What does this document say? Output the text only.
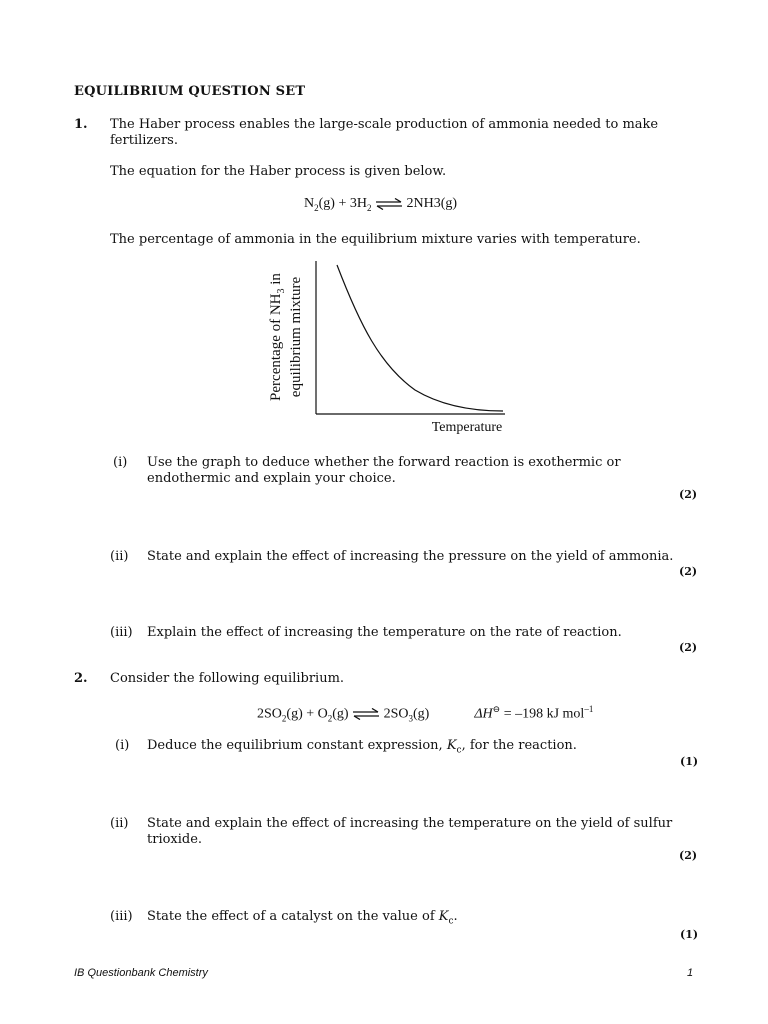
EQUILIBRIUM QUESTION SET
1. The Haber process enables the large-scale production of ammonia needed to make
fertilizers.
The equation for the Haber process is given below.
$N_2(g) + 3H_2$ ⇌ 2NH3(g)
The percentage of ammonia in the equilibrium mixture varies with temperature.
Percentage of $NH_3$ in equilibrium mixture
Temperature
(i) Use the graph to deduce whether the forward reaction is exothermic or
endothermic and explain your choice.
(2)
(ii) State and explain the effect of increasing the pressure on the yield of ammonia.
(2)
(iii) Explain the effect of increasing the temperature on the rate of reaction.
(2)
2. Consider the following equilibrium.
$2SO_2(g) + O_2(g)$ ⇌ $2SO_3(g)$	ΔH⊖ = –198 kJ mol$^{-1}$
(i) Deduce the equilibrium constant expression, $K_c$, for the reaction.
(1)
(ii) State and explain the effect of increasing the temperature on the yield of sulfur
trioxide.
(2)
(iii) State the effect of a catalyst on the value of $K_c$.
(1)
IB Questionbank Chemistry	1
